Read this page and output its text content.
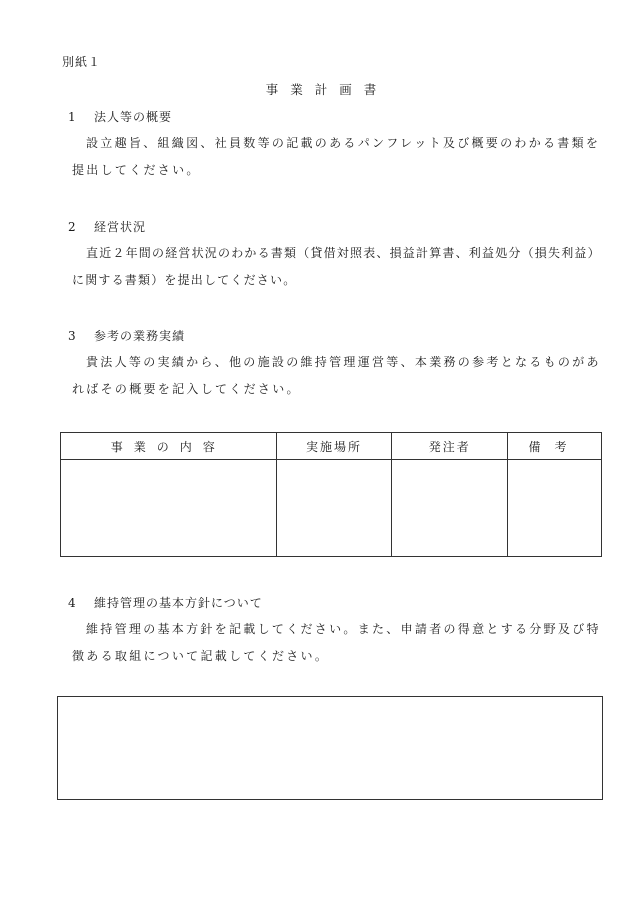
別紙１
事業計画書
1 法人等の概要
設立趣旨、組織図、社員数等の記載のあるパンフレット及び概要のわかる書類を提出してください。
2 経営状況
直近２年間の経営状況のわかる書類（貸借対照表、損益計算書、利益処分（損失利益）に関する書類）を提出してください。
3 参考の業務実績
貴法人等の実績から、他の施設の維持管理運営等、本業務の参考となるものがあればその概要を記入してください。
事業の内容	実施場所	発注者	備考

4 維持管理の基本方針について
維持管理の基本方針を記載してください。また、申請者の得意とする分野及び特徴ある取組について記載してください。
